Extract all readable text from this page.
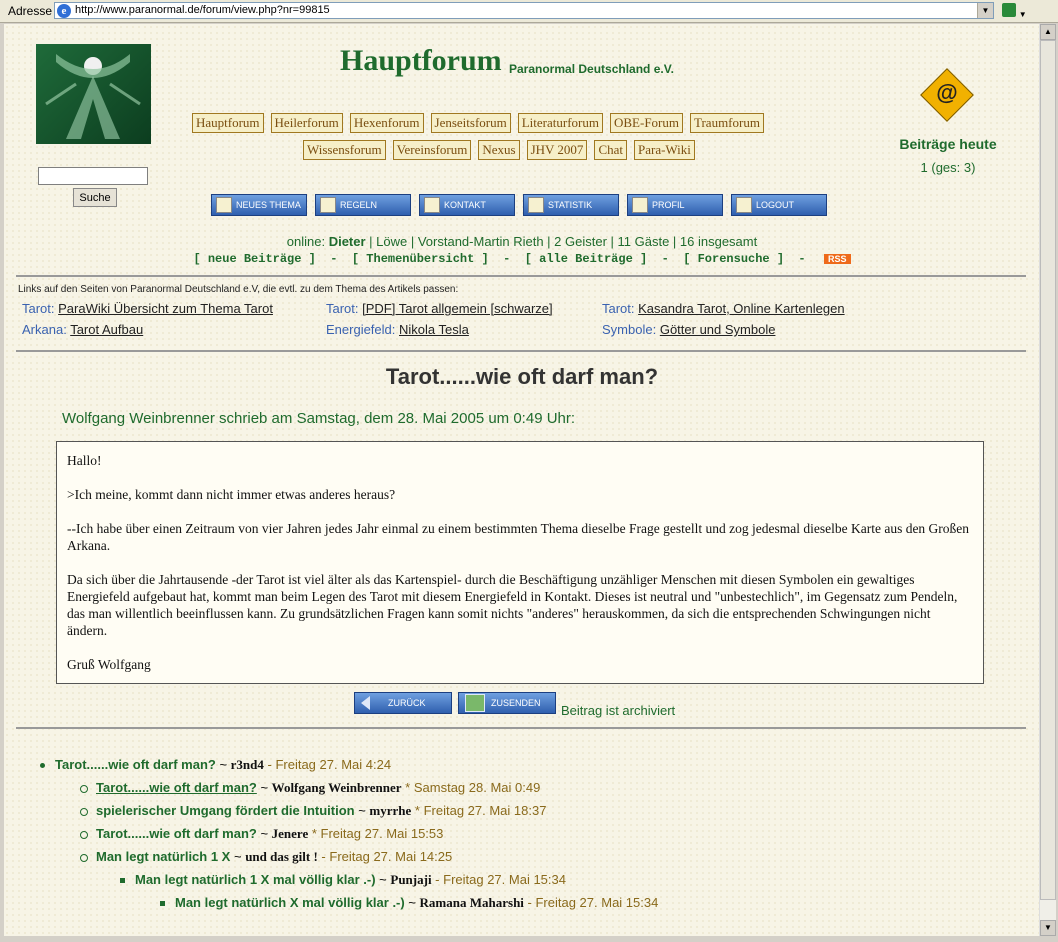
Adresse e http://www.paranormal.de/forum/view.php?nr=99815	▼	▼
Suche
Hauptforum Paranormal Deutschland e.V.
Hauptforum	Heilerforum	Hexenforum	Jenseitsforum	Literaturforum	OBE-Forum	Traumforum
Wissensforum	Vereinsforum	Nexus	JHV 2007	Chat	Para-Wiki
@
Beiträge heute
1 (ges: 3)
NEUES THEMA	REGELN	KONTAKT	STATISTIK	PROFIL	LOGOUT
online: Dieter | Löwe | Vorstand-Martin Rieth | 2 Geister | 11 Gäste | 16 insgesamt
[ neue Beiträge ]  -  [ Themenübersicht ]  -  [ alle Beiträge ]  -  [ Forensuche ]  -  RSS
Links auf den Seiten von Paranormal Deutschland e.V, die evtl. zu dem Thema des Artikels passen:
Tarot: ParaWiki Übersicht zum Thema Tarot	Tarot: [PDF] Tarot allgemein [schwarze]	Tarot: Kasandra Tarot, Online Kartenlegen
Arkana: Tarot Aufbau	Energiefeld: Nikola Tesla	Symbole: Götter und Symbole
Tarot......wie oft darf man?
Wolfgang Weinbrenner schrieb am Samstag, dem 28. Mai 2005 um 0:49 Uhr:

Hallo!

>Ich meine, kommt dann nicht immer etwas anderes heraus?

--Ich habe über einen Zeitraum von vier Jahren jedes Jahr einmal zu einem bestimmten Thema dieselbe Frage gestellt und zog jedesmal dieselbe Karte aus den Großen Arkana.

Da sich über die Jahrtausende -der Tarot ist viel älter als das Kartenspiel- durch die Beschäftigung unzähliger Menschen mit diesen Symbolen ein gewaltiges Energiefeld aufgebaut hat, kommt man beim Legen des Tarot mit diesem Energiefeld in Kontakt. Dieses ist neutral und "unbestechlich", im Gegensatz zum Pendeln, das man willentlich beeinflussen kann. Zu grundsätzlichen Fragen kann somit nichts "anderes" herauskommen, da sich die entsprechenden Schwingungen nicht ändern.

Gruß Wolfgang

ZURÜCK	ZUSENDEN Beitrag ist archiviert
Tarot......wie oft darf man? ~ r3nd4 - Freitag 27. Mai 4:24
Tarot......wie oft darf man? ~ Wolfgang Weinbrenner * Samstag 28. Mai 0:49
spielerischer Umgang fördert die Intuition ~ myrrhe * Freitag 27. Mai 18:37
Tarot......wie oft darf man? ~ Jenere * Freitag 27. Mai 15:53
Man legt natürlich 1 X ~ und das gilt ! - Freitag 27. Mai 14:25
Man legt natürlich 1 X mal völlig klar .-) ~ Punjaji - Freitag 27. Mai 15:34
Man legt natürlich X mal völlig klar .-) ~ Ramana Maharshi - Freitag 27. Mai 15:34
▲
▼
